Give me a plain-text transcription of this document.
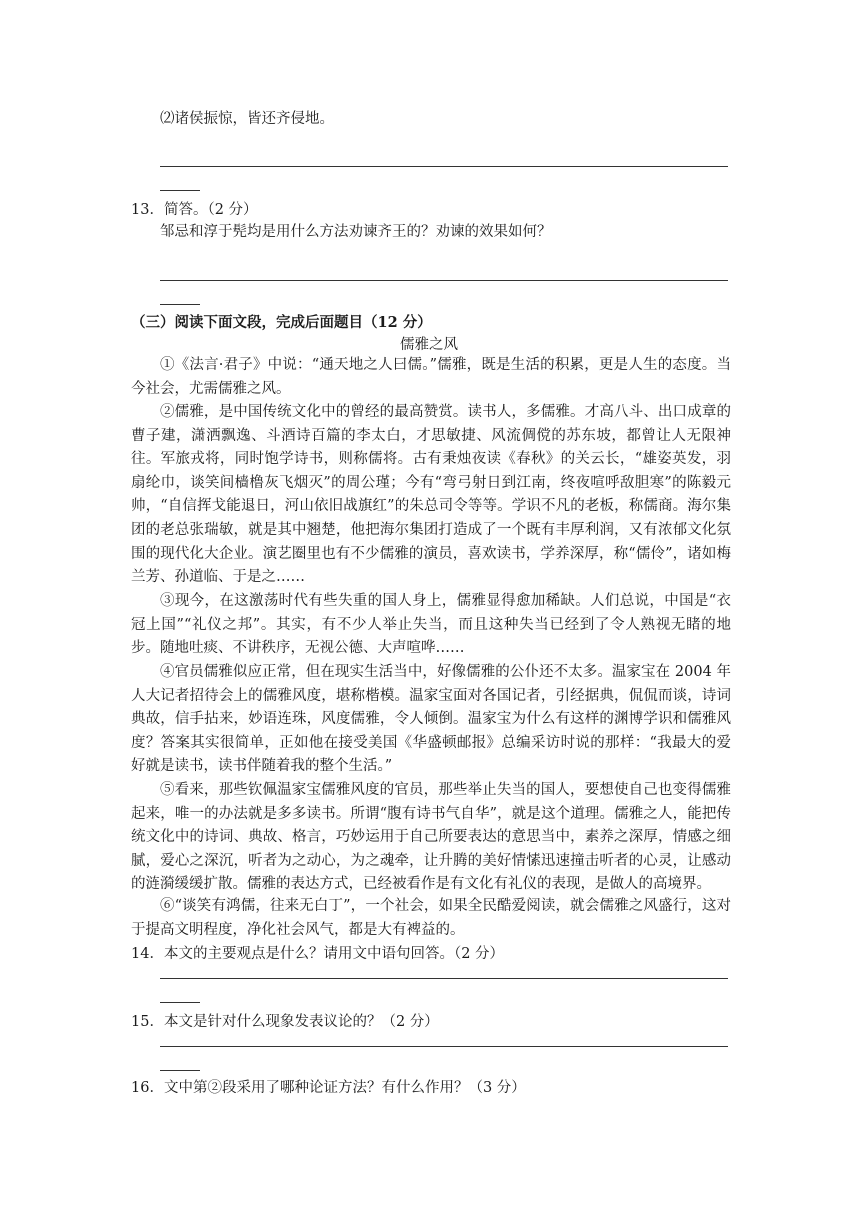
⑵诸侯振惊，皆还齐侵地。
13．简答。（2 分）
邹忌和淳于髡均是用什么方法劝谏齐王的？劝谏的效果如何？
（三）阅读下面文段，完成后面题目（12 分）
儒雅之风
①《法言·君子》中说：“通天地之人曰儒。”儒雅，既是生活的积累，更是人生的态度。当今社会，尤需儒雅之风。
②儒雅，是中国传统文化中的曾经的最高赞赏。读书人，多儒雅。才高八斗、出口成章的曹子建，潇洒飘逸、斗酒诗百篇的李太白，才思敏捷、风流倜傥的苏东坡，都曾让人无限神往。军旅戎将，同时饱学诗书，则称儒将。古有秉烛夜读《春秋》的关云长，“雄姿英发，羽扇纶巾，谈笑间樯橹灰飞烟灭”的周公瑾；今有“弯弓射日到江南，终夜喧呼敌胆寒”的陈毅元帅，“自信挥戈能退日，河山依旧战旗红”的朱总司令等等。学识不凡的老板，称儒商。海尔集团的老总张瑞敏，就是其中翘楚，他把海尔集团打造成了一个既有丰厚利润，又有浓郁文化氛围的现代化大企业。演艺圈里也有不少儒雅的演员，喜欢读书，学养深厚，称“儒伶”，诸如梅兰芳、孙道临、于是之……
③现今，在这激荡时代有些失重的国人身上，儒雅显得愈加稀缺。人们总说，中国是“衣冠上国”“礼仪之邦”。其实，有不少人举止失当，而且这种失当已经到了令人熟视无睹的地步。随地吐痰、不讲秩序，无视公德、大声喧哗……
④官员儒雅似应正常，但在现实生活当中，好像儒雅的公仆还不太多。温家宝在 2004 年人大记者招待会上的儒雅风度，堪称楷模。温家宝面对各国记者，引经据典，侃侃而谈，诗词典故，信手拈来，妙语连珠，风度儒雅，令人倾倒。温家宝为什么有这样的渊博学识和儒雅风度？答案其实很简单，正如他在接受美国《华盛顿邮报》总编采访时说的那样：“我最大的爱好就是读书，读书伴随着我的整个生活。”
⑤看来，那些钦佩温家宝儒雅风度的官员，那些举止失当的国人，要想使自己也变得儒雅起来，唯一的办法就是多多读书。所谓“腹有诗书气自华”，就是这个道理。儒雅之人，能把传统文化中的诗词、典故、格言，巧妙运用于自己所要表达的意思当中，素养之深厚，情感之细腻，爱心之深沉，听者为之动心，为之魂牵，让升腾的美好情愫迅速撞击听者的心灵，让感动的涟漪缓缓扩散。儒雅的表达方式，已经被看作是有文化有礼仪的表现，是做人的高境界。
⑥“谈笑有鸿儒，往来无白丁”，一个社会，如果全民酷爱阅读，就会儒雅之风盛行，这对于提高文明程度，净化社会风气，都是大有裨益的。
14．本文的主要观点是什么？请用文中语句回答。（2 分）
15．本文是针对什么现象发表议论的？（2 分）
16．文中第②段采用了哪种论证方法？有什么作用？（3 分）
